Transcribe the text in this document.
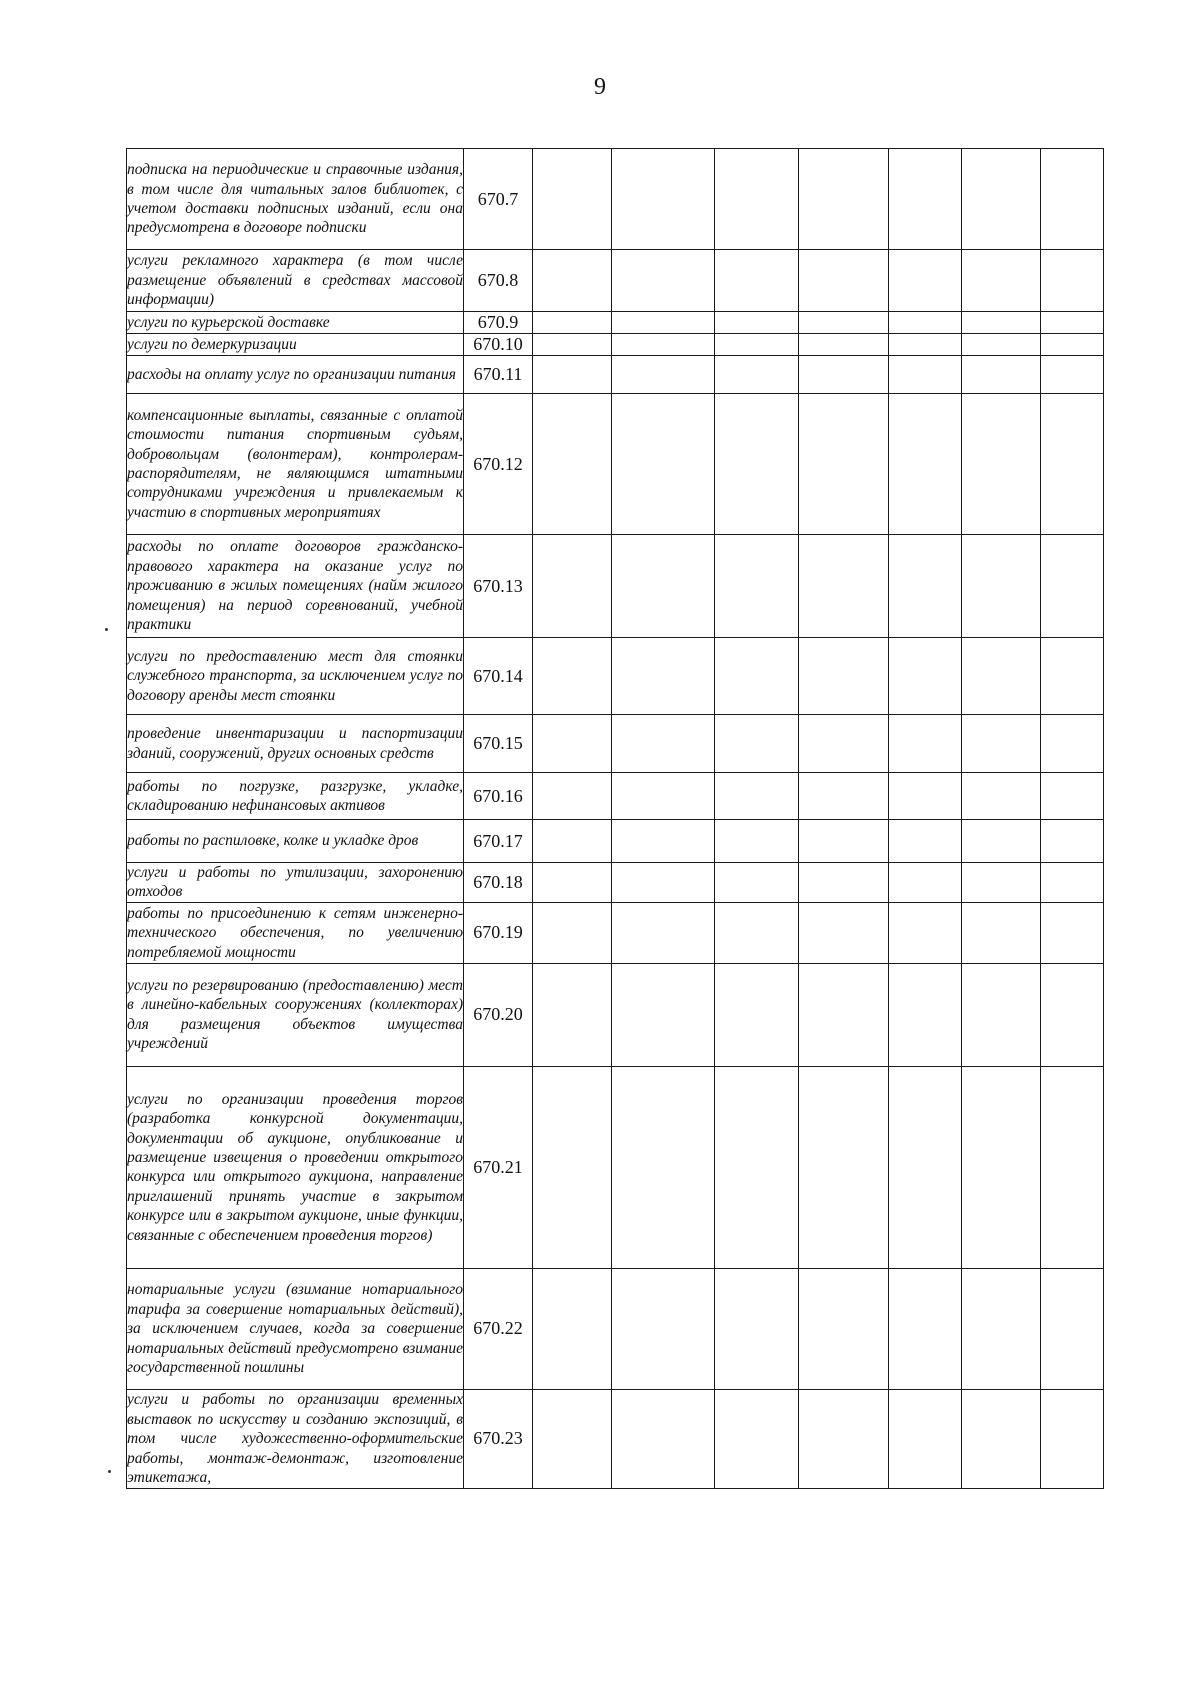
9
подписка на периодические и справочные издания, в том числе для читальных залов библиотек, с учетом доставки подписных изданий, если она предусмотрена в договоре подписки	670.7							
услуги рекламного характера (в том числе размещение объявлений в средствах массовой информации)	670.8							
услуги по курьерской доставке	670.9							
услуги по демеркуризации	670.10							
расходы на оплату услуг по организации питания	670.11							
компенсационные выплаты, связанные с оплатой стоимости питания спортивным судьям, добровольцам (волонтерам), контролерам-распорядителям, не являющимся штатными сотрудниками учреждения и привлекаемым к участию в спортивных мероприятиях	670.12							
расходы по оплате договоров гражданско-правового характера на оказание услуг по проживанию в жилых помещениях (найм жилого помещения) на период соревнований, учебной практики	670.13							
услуги по предоставлению мест для стоянки служебного транспорта, за исключением услуг по договору аренды мест стоянки	670.14							
проведение инвентаризации и паспортизации зданий, сооружений, других основных средств	670.15							
работы по погрузке, разгрузке, укладке, складированию нефинансовых активов	670.16							
работы по распиловке, колке и укладке дров	670.17							
услуги и работы по утилизации, захоронению отходов	670.18							
работы по присоединению к сетям инженерно-технического обеспечения, по увеличению потребляемой мощности	670.19							
услуги по резервированию (предоставлению) мест в линейно-кабельных сооружениях (коллекторах) для размещения объектов имущества учреждений	670.20							
услуги по организации проведения торгов (разработка конкурсной документации, документации об аукционе, опубликование и размещение извещения о проведении открытого конкурса или открытого аукциона, направление приглашений принять участие в закрытом конкурсе или в закрытом аукционе, иные функции, связанные с обеспечением проведения торгов)	670.21							
нотариальные услуги (взимание нотариального тарифа за совершение нотариальных действий), за исключением случаев, когда за совершение нотариальных действий предусмотрено взимание государственной пошлины	670.22							
услуги и работы по организации временных выставок по искусству и созданию экспозиций, в том числе художественно-оформительские работы, монтаж-демонтаж, изготовление этикетажа,	670.23							
